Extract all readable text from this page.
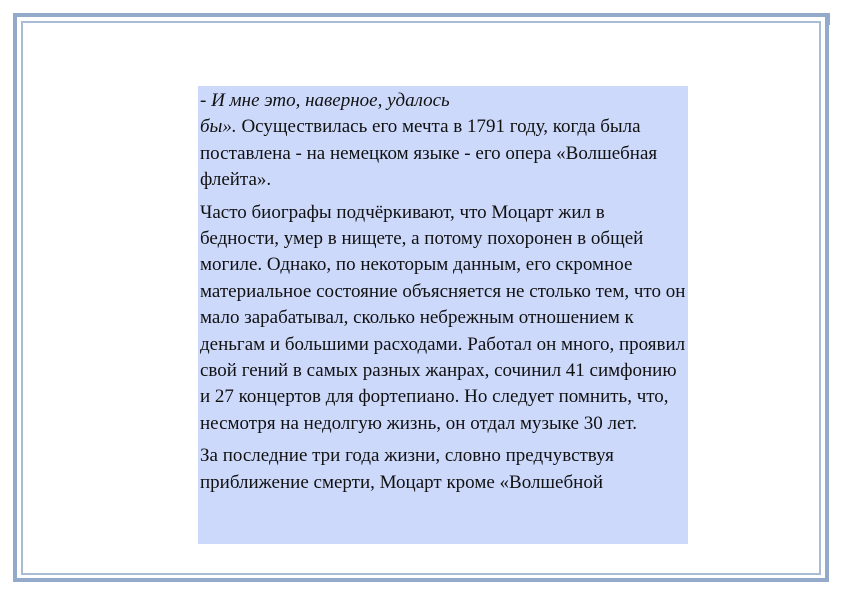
- И мне это, наверное, удалось
бы». Осуществилась его мечта в 1791 году, когда была поставлена - на немецком языке - его опера «Волшебная флейта».

Часто биографы подчёркивают, что Моцарт жил в бедности, умер в нищете, а потому похоронен в общей могиле. Однако, по некоторым данным, его скромное материальное состояние объясняется не столько тем, что он мало зарабатывал, сколько небрежным отношением к деньгам и большими расходами. Работал он много, проявил свой гений в самых разных жанрах, сочинил 41 симфонию и 27 концертов для фортепиано. Но следует помнить, что, несмотря на недолгую жизнь, он отдал музыке 30 лет.

За последние три года жизни, словно предчувствуя приближение смерти, Моцарт кроме «Волшебной
